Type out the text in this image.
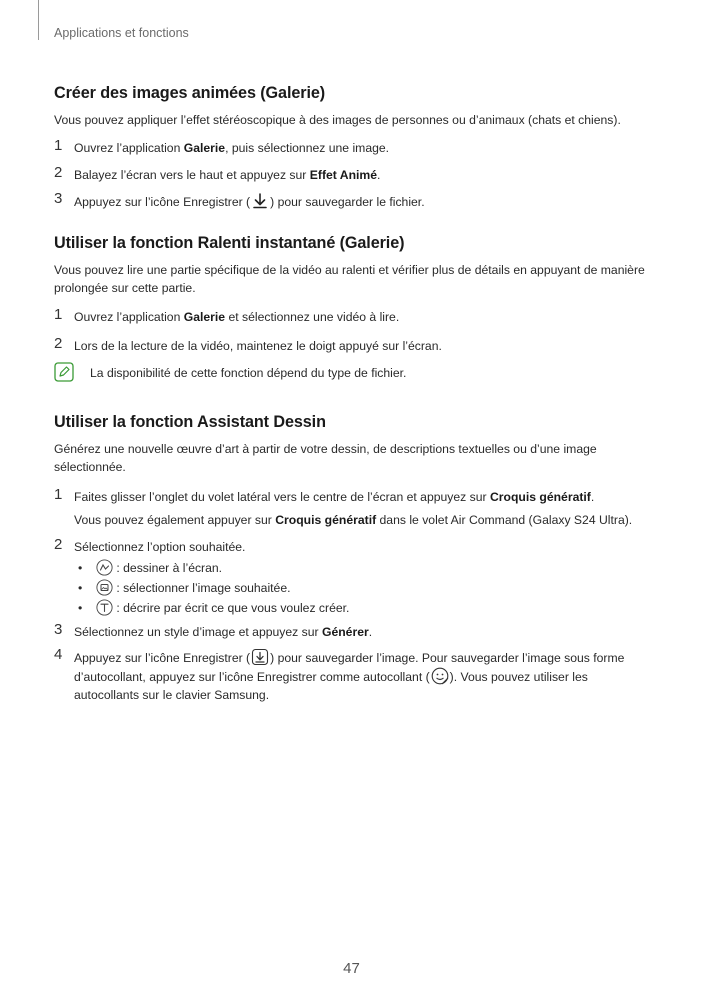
Applications et fonctions
Créer des images animées (Galerie)

Vous pouvez appliquer l’effet stéréoscopique à des images de personnes ou d’animaux (chats et chiens).

1 Ouvrez l’application Galerie, puis sélectionnez une image.
2 Balayez l’écran vers le haut et appuyez sur Effet Animé.
3 Appuyez sur l’icône Enregistrer ( ) pour sauvegarder le fichier.
Utiliser la fonction Ralenti instantané (Galerie)

Vous pouvez lire une partie spécifique de la vidéo au ralenti et vérifier plus de détails en appuyant de manière prolongée sur cette partie.

1 Ouvrez l’application Galerie et sélectionnez une vidéo à lire.
2 Lors de la lecture de la vidéo, maintenez le doigt appuyé sur l’écran.
La disponibilité de cette fonction dépend du type de fichier.
Utiliser la fonction Assistant Dessin

Générez une nouvelle œuvre d’art à partir de votre dessin, de descriptions textuelles ou d’une image sélectionnée.

1 Faites glisser l’onglet du volet latéral vers le centre de l’écran et appuyez sur Croquis génératif.
Vous pouvez également appuyer sur Croquis génératif dans le volet Air Command (Galaxy S24 Ultra).
2 Sélectionnez l’option souhaitée.
•	: dessiner à l’écran.
•	: sélectionner l’image souhaitée.
•	: décrire par écrit ce que vous voulez créer.
3 Sélectionnez un style d’image et appuyez sur Générer.
4 Appuyez sur l’icône Enregistrer ( ) pour sauvegarder l’image. Pour sauvegarder l’image sous forme d’autocollant, appuyez sur l’icône Enregistrer comme autocollant ( ). Vous pouvez utiliser les autocollants sur le clavier Samsung.
47
